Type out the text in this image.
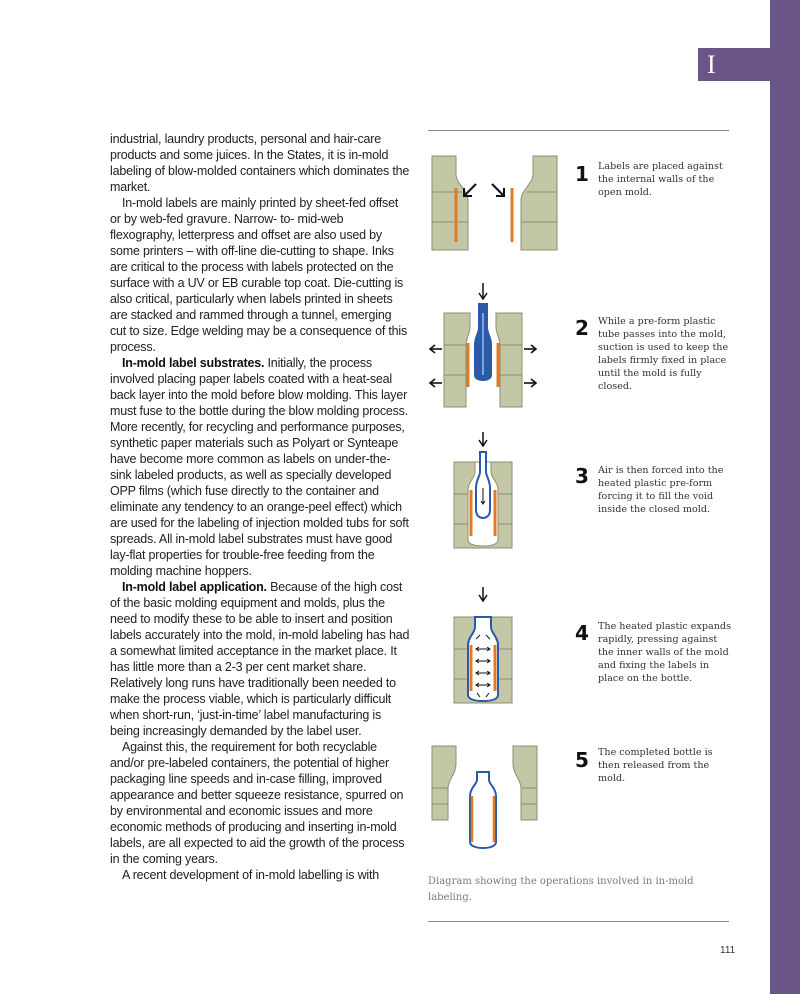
I

industrial, laundry products, personal and hair-care products and some juices. In the States, it is in-mold labeling of blow-molded containers which dominates the market.

In-mold labels are mainly printed by sheet-fed offset or by web-fed gravure. Narrow- to- mid-web flexography, letterpress and offset are also used by some printers – with off-line die-cutting to shape. Inks are critical to the process with labels protected on the surface with a UV or EB curable top coat. Die-cutting is also critical, particularly when labels printed in sheets are stacked and rammed through a tunnel, emerging cut to size. Edge welding may be a consequence of this process.

In-mold label substrates. Initially, the process involved placing paper labels coated with a heat-seal back layer into the mold before blow molding. This layer must fuse to the bottle during the blow molding process. More recently, for recycling and performance purposes, synthetic paper materials such as Polyart or Synteape have become more common as labels on under-the-sink labeled products, as well as specially developed OPP films (which fuse directly to the container and eliminate any tendency to an orange-peel effect) which are used for the labeling of injection molded tubs for soft spreads. All in-mold label substrates must have good lay-flat properties for trouble-free feeding from the molding machine hoppers.

In-mold label application. Because of the high cost of the basic molding equipment and molds, plus the need to modify these to be able to insert and position labels accurately into the mold, in-mold labeling has had a somewhat limited acceptance in the market place. It has little more than a 2-3 per cent market share. Relatively long runs have traditionally been needed to make the process viable, which is particularly difficult when short-run, ‘just-in-time’ label manufacturing is being increasingly demanded by the label user.

Against this, the requirement for both recyclable and/or pre-labeled containers, the potential of higher packaging line speeds and in-case filling, improved appearance and better squeeze resistance, spurred on by environmental and economic issues and more economic methods of producing and inserting in-mold labels, are all expected to aid the growth of the process in the coming years.

A recent development of in-mold labelling is with

1 Labels are placed against the internal walls of the open mold.
2 While a pre-form plastic tube passes into the mold, suction is used to keep the labels firmly fixed in place until the mold is fully closed.
3 Air is then forced into the heated plastic pre-form forcing it to fill the void inside the closed mold.
4 The heated plastic expands rapidly, pressing against the inner walls of the mold and fixing the labels in place on the bottle.
5 The completed bottle is then released from the mold.
Diagram showing the operations involved in in-mold labeling.
111
